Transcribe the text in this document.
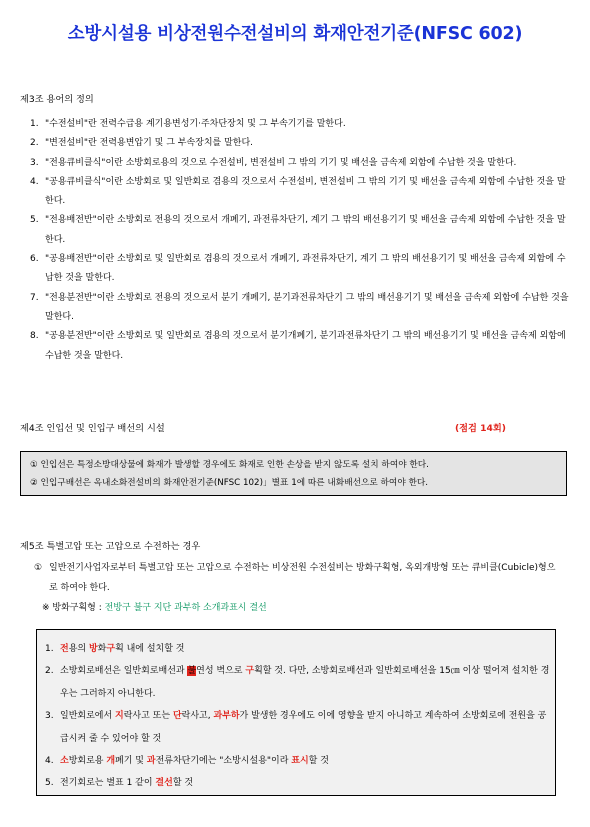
소방시설용 비상전원수전설비의 화재안전기준(NFSC 602)
제3조 용어의 정의
1. "수전설비"란 전력수급용 계기용변성기·주차단장치 및 그 부속기기를 말한다.
2. "변전설비"란 전력용변압기 및 그 부속장치를 말한다.
3. "전용큐비클식"이란 소방회로용의 것으로 수전설비, 변전설비 그 밖의 기기 및 배선을 금속제 외함에 수납한 것을 말한다.
4. "공용큐비클식"이란 소방회로 및 일반회로 겸용의 것으로서 수전설비, 변전설비 그 밖의 기기 및 배선을 금속제 외함에 수납한 것을 말한다.
5. "전용배전반"이란 소방회로 전용의 것으로서 개폐기, 과전류차단기, 계기 그 밖의 배선용기기 및 배선을 금속제 외함에 수납한 것을 말한다.
6. "공용배전반"이란 소방회로 및 일반회로 겸용의 것으로서 개폐기, 과전류차단기, 계기 그 밖의 배선용기기 및 배선을 금속제 외함에 수납한 것을 말한다.
7. "전용분전반"이란 소방회로 전용의 것으로서 분기 개폐기, 분기과전류차단기 그 밖의 배선용기기 및 배선을 금속제 외함에 수납한 것을 말한다.
8. "공용분전반"이란 소방회로 및 일반회로 겸용의 것으로서 분기개폐기, 분기과전류차단기 그 밖의 배선용기기 및 배선을 금속제 외함에 수납한 것을 말한다.
제4조 인입선 및 인입구 배선의 시설	(점검 14회)
① 인입선은 특정소방대상물에 화재가 발생할 경우에도 화재로 인한 손상을 받지 않도록 설치 하여야 한다.
② 인입구배선은 옥내소화전설비의 화재안전기준(NFSC 102)」별표 1에 따른 내화배선으로 하여야 한다.
제5조 특별고압 또는 고압으로 수전하는 경우
① 일반전기사업자로부터 특별고압 또는 고압으로 수전하는 비상전원 수전설비는 방화구획형, 옥외개방형 또는 큐비클(Cubicle)형으로 하여야 한다.
※ 방화구획형 : 전방구 불구 지단 과부하 소개과표시 결선
1. 전용의 방화구획 내에 설치할 것
2. 소방회로배선은 일반회로배선과 불연성 벽으로 구획할 것. 다만, 소방회로배선과 일반회로배선을 15㎝ 이상 떨어져 설치한 경우는 그러하지 아니한다.
3. 일반회로에서 지락사고 또는 단락사고, 과부하가 발생한 경우에도 이에 영향을 받지 아니하고 계속하여 소방회로에 전원을 공급시켜 줄 수 있어야 할 것
4. 소방회로용 개폐기 및 과전류차단기에는 "소방시설용"이라 표시할 것
5. 전기회로는 별표 1 같이 결선할 것
